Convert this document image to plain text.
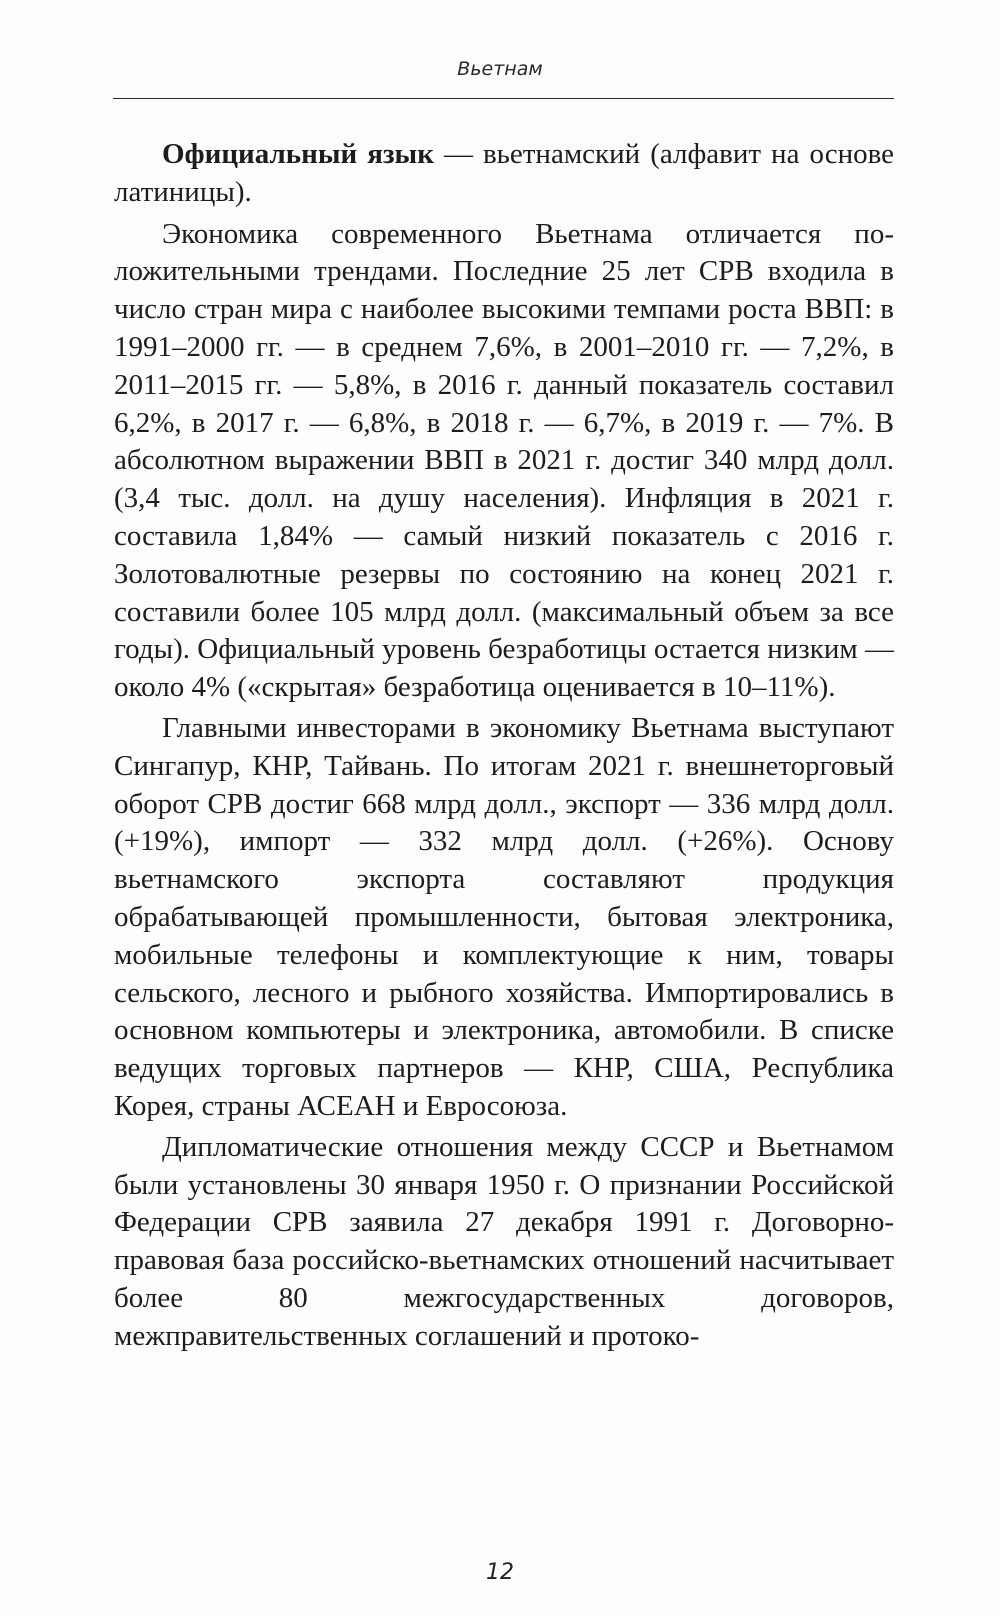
Вьетнам

Официальный язык — вьетнамский (алфавит на основе латиницы).

Экономика современного Вьетнама отличается положительными трендами. Последние 25 лет СРВ входила в число стран мира с наиболее высокими темпами роста ВВП: в 1991–2000 гг. — в среднем 7,6%, в 2001–2010 гг. — 7,2%, в 2011–2015 гг. — 5,8%, в 2016 г. данный показатель составил 6,2%, в 2017 г. — 6,8%, в 2018 г. — 6,7%, в 2019 г. — 7%. В абсолютном выражении ВВП в 2021 г. достиг 340 млрд долл. (3,4 тыс. долл. на душу населения). Инфляция в 2021 г. составила 1,84% — самый низкий показатель с 2016 г. Золотовалютные резервы по состоянию на конец 2021 г. составили более 105 млрд долл. (максимальный объем за все годы). Официальный уровень безработицы остается низким — около 4% («скрытая» безработица оценивается в 10–11%).

Главными инвесторами в экономику Вьетнама выступают Сингапур, КНР, Тайвань. По итогам 2021 г. внешнеторговый оборот СРВ достиг 668 млрд долл., экспорт — 336 млрд долл. (+19%), импорт — 332 млрд долл. (+26%). Основу вьетнамского экспорта составляют продукция обрабатывающей промышленности, бытовая электроника, мобильные телефоны и комплектующие к ним, товары сельского, лесного и рыбного хозяйства. Импортировались в основном компьютеры и электроника, автомобили. В списке ведущих торговых партнеров — КНР, США, Республика Корея, страны АСЕАН и Евросоюза.

Дипломатические отношения между СССР и Вьетнамом были установлены 30 января 1950 г. О признании Российской Федерации СРВ заявила 27 декабря 1991 г. Договорно-правовая база российско-вьетнамских отношений насчитывает более 80 межгосударственных договоров, межправительственных соглашений и протоко-

12
